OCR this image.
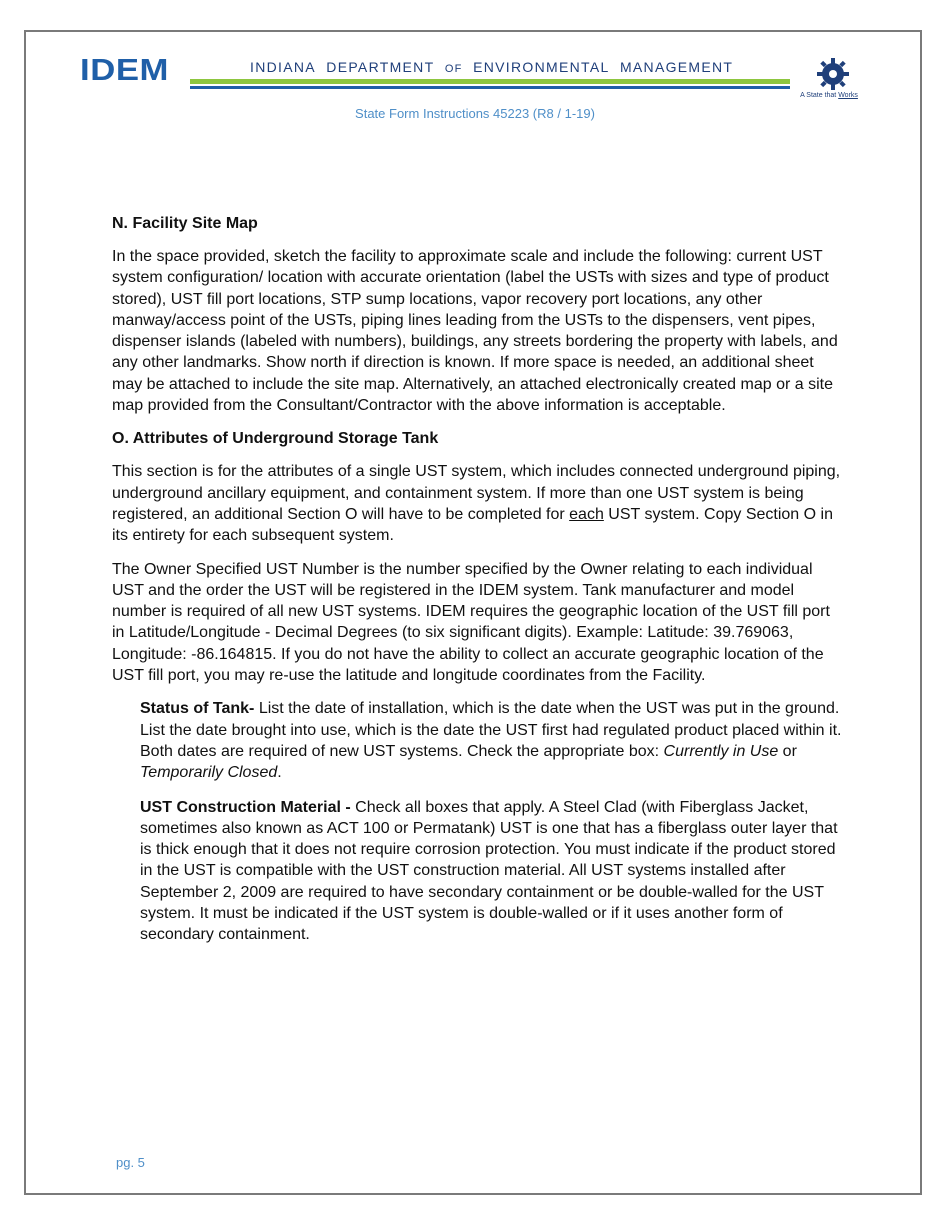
IDEM	INDIANA DEPARTMENT OF ENVIRONMENTAL MANAGEMENT
A State that Works
State Form Instructions 45223 (R8 / 1-19)
N. Facility Site Map

In the space provided, sketch the facility to approximate scale and include the following: current UST system configuration/ location with accurate orientation (label the USTs with sizes and type of product stored), UST fill port locations, STP sump locations, vapor recovery port locations, any other manway/access point of the USTs, piping lines leading from the USTs to the dispensers, vent pipes, dispenser islands (labeled with numbers), buildings, any streets bordering the property with labels, and any other landmarks. Show north if direction is known. If more space is needed, an additional sheet may be attached to include the site map. Alternatively, an attached electronically created map or a site map provided from the Consultant/Contractor with the above information is acceptable.

O. Attributes of Underground Storage Tank

This section is for the attributes of a single UST system, which includes connected underground piping, underground ancillary equipment, and containment system. If more than one UST system is being registered, an additional Section O will have to be completed for each UST system. Copy Section O in its entirety for each subsequent system.

The Owner Specified UST Number is the number specified by the Owner relating to each individual UST and the order the UST will be registered in the IDEM system. Tank manufacturer and model number is required of all new UST systems. IDEM requires the geographic location of the UST fill port in Latitude/Longitude - Decimal Degrees (to six significant digits). Example: Latitude: 39.769063, Longitude: -86.164815. If you do not have the ability to collect an accurate geographic location of the UST fill port, you may re-use the latitude and longitude coordinates from the Facility.

Status of Tank- List the date of installation, which is the date when the UST was put in the ground. List the date brought into use, which is the date the UST first had regulated product placed within it. Both dates are required of new UST systems. Check the appropriate box: Currently in Use or Temporarily Closed.

UST Construction Material - Check all boxes that apply. A Steel Clad (with Fiberglass Jacket, sometimes also known as ACT 100 or Permatank) UST is one that has a fiberglass outer layer that is thick enough that it does not require corrosion protection. You must indicate if the product stored in the UST is compatible with the UST construction material. All UST systems installed after September 2, 2009 are required to have secondary containment or be double-walled for the UST system. It must be indicated if the UST system is double-walled or if it uses another form of secondary containment.

pg. 5
